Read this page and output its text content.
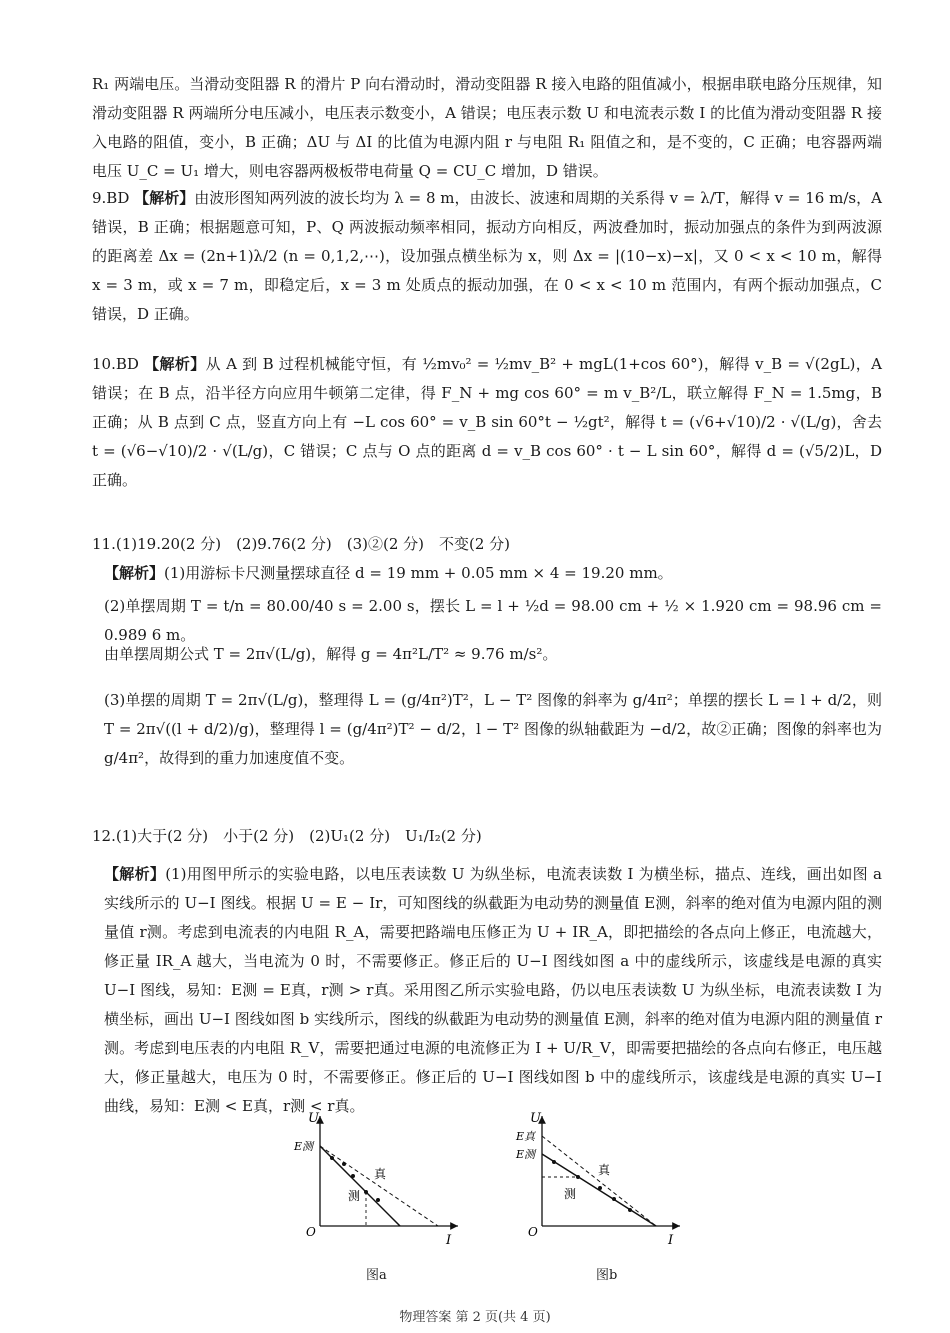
R₁ 两端电压。当滑动变阻器 R 的滑片 P 向右滑动时，滑动变阻器 R 接入电路的阻值减小，根据串联电路分压规律，知滑动变阻器 R 两端所分电压减小，电压表示数变小，A 错误；电压表示数 U 和电流表示数 I 的比值为滑动变阻器 R 接入电路的阻值，变小，B 正确；ΔU 与 ΔI 的比值为电源内阻 r 与电阻 R₁ 阻值之和，是不变的，C 正确；电容器两端电压 U_C = U₁ 增大，则电容器两极板带电荷量 Q = CU_C 增加，D 错误。

9.BD 【解析】由波形图知两列波的波长均为 λ = 8 m，由波长、波速和周期的关系得 v = λ/T，解得 v = 16 m/s，A 错误，B 正确；根据题意可知，P、Q 两波振动频率相同，振动方向相反，两波叠加时，振动加强点的条件为到两波源的距离差 Δx = (2n+1)λ/2 (n = 0,1,2,⋯)，设加强点横坐标为 x，则 Δx = |(10−x)−x|，又 0 < x < 10 m，解得 x = 3 m，或 x = 7 m，即稳定后，x = 3 m 处质点的振动加强，在 0 < x < 10 m 范围内，有两个振动加强点，C 错误，D 正确。

10.BD 【解析】从 A 到 B 过程机械能守恒，有 ½mv₀² = ½mv_B² + mgL(1+cos 60°)，解得 v_B = √(2gL)，A 错误；在 B 点，沿半径方向应用牛顿第二定律，得 F_N + mg cos 60° = m v_B²/L，联立解得 F_N = 1.5mg，B 正确；从 B 点到 C 点，竖直方向上有 −L cos 60° = v_B sin 60°t − ½gt²，解得 t = (√6+√10)/2 · √(L/g)，舍去 t = (√6−√10)/2 · √(L/g)，C 错误；C 点与 O 点的距离 d = v_B cos 60° · t − L sin 60°，解得 d = (√5/2)L，D 正确。

11.(1)19.20(2 分)　(2)9.76(2 分)　(3)②(2 分)　不变(2 分)

【解析】(1)用游标卡尺测量摆球直径 d = 19 mm + 0.05 mm × 4 = 19.20 mm。

(2)单摆周期 T = t/n = 80.00/40 s = 2.00 s，摆长 L = l + ½d = 98.00 cm + ½ × 1.920 cm = 98.96 cm = 0.989 6 m。

由单摆周期公式 T = 2π√(L/g)，解得 g = 4π²L/T² ≈ 9.76 m/s²。

(3)单摆的周期 T = 2π√(L/g)，整理得 L = (g/4π²)T²，L − T² 图像的斜率为 g/4π²；单摆的摆长 L = l + d/2，则 T = 2π√((l + d/2)/g)，整理得 l = (g/4π²)T² − d/2，l − T² 图像的纵轴截距为 −d/2，故②正确；图像的斜率也为 g/4π²，故得到的重力加速度值不变。

12.(1)大于(2 分)　小于(2 分)　(2)U₁(2 分)　U₁/I₂(2 分)

【解析】(1)用图甲所示的实验电路，以电压表读数 U 为纵坐标，电流表读数 I 为横坐标，描点、连线，画出如图 a 实线所示的 U−I 图线。根据 U = E − Ir，可知图线的纵截距为电动势的测量值 E测，斜率的绝对值为电源内阻的测量值 r测。考虑到电流表的内电阻 R_A，需要把路端电压修正为 U + IR_A，即把描绘的各点向上修正，电流越大，修正量 IR_A 越大，当电流为 0 时，不需要修正。修正后的 U−I 图线如图 a 中的虚线所示，该虚线是电源的真实 U−I 图线，易知：E测 = E真，r测 > r真。采用图乙所示实验电路，仍以电压表读数 U 为纵坐标，电流表读数 I 为横坐标，画出 U−I 图线如图 b 实线所示，图线的纵截距为电动势的测量值 E测，斜率的绝对值为电源内阻的测量值 r测。考虑到电压表的内电阻 R_V，需要把通过电源的电流修正为 I + U/R_V，即需要把描绘的各点向右修正，电压越大，修正量越大，电压为 0 时，不需要修正。修正后的 U−I 图线如图 b 中的虚线所示，该虚线是电源的真实 U−I 曲线，易知：E测 < E真，r测 < r真。

U
I
O
E测
测
真
图a
U
I
O
E真
E测
测
真
图b
物理答案 第 2 页(共 4 页)
